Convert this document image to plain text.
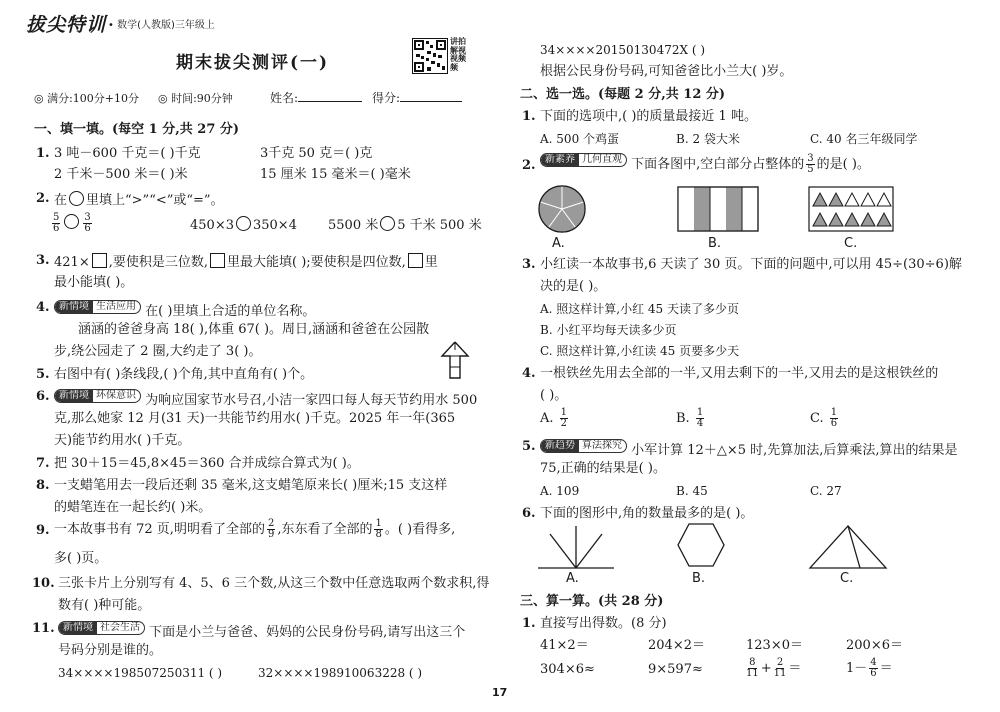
拔尖特训 • 数学(人教版)三年级上
期末拔尖测评(一)
讲拍
解视
视频
频
◎ 满分:100分+10分 ◎ 时间:90分钟	姓名:	得分:
一、填一填。(每空 1 分,共 27 分)
1. 3 吨－600 千克＝( )千克	3千克 50 克＝( )克
2 千米－500 米＝( )米	15 厘米 15 毫米＝( )毫米
2. 在 里填上“>”“<”或“=”。
$\frac{5}{6} \frac{3}{6}$	450×3 350×4 5500 米 5 千米 500 米
3. 421× ,要使积是三位数, 里最大能填( );要使积是四位数, 里
最小能填( )。
4. 新情境 生活应用 在( )里填上合适的单位名称。
涵涵的爸爸身高 18( ),体重 67( )。周日,涵涵和爸爸在公园散
步,绕公园走了 2 圈,大约走了 3( )。
5. 右图中有( )条线段,( )个角,其中直角有( )个。
6. 新情境 环保意识 为响应国家节水号召,小洁一家四口每人每天节约用水 500
克,那么她家 12 月(31 天)一共能节约用水( )千克。2025 年一年(365
天)能节约用水( )千克。
7. 把 30＋15＝45,8×45＝360 合并成综合算式为( )。
8. 一支蜡笔用去一段后还剩 35 毫米,这支蜡笔原来长( )厘米;15 支这样
的蜡笔连在一起长约( )米。
9. 一本故事书有 72 页,明明看了全部的 $\frac{2}{9}$ ,东东看了全部的 $\frac{1}{8}$ 。( )看得多,
多( )页。
10. 三张卡片上分别写有 4、5、6 三个数,从这三个数中任意选取两个数求积,得
数有( )种可能。
11. 新情境 社会生活 下面是小兰与爸爸、妈妈的公民身份号码,请写出这三个
号码分别是谁的。
34××××198507250311 ( )	32××××198910063228 ( )
34××××20150130472X ( )
根据公民身份号码,可知爸爸比小兰大( )岁。
二、选一选。(每题 2 分,共 12 分)
1. 下面的选项中,( )的质量最接近 1 吨。
A. 500 个鸡蛋	B. 2 袋大米	C. 40 名三年级同学
2. 新素养 几何直观 下面各图中,空白部分占整体的 $\frac{3}{5}$ 的是( )。
A.	B.	C.
3. 小红读一本故事书,6 天读了 30 页。下面的问题中,可以用 45÷(30÷6)解
决的是( )。
A. 照这样计算,小红 45 天读了多少页
B. 小红平均每天读多少页
C. 照这样计算,小红读 45 页要多少天
4. 一根铁丝先用去全部的一半,又用去剩下的一半,又用去的是这根铁丝的
( )。
A. $\frac{1}{2}$	B. $\frac{1}{4}$	C. $\frac{1}{6}$
5. 新趋势 算法探究 小军计算 12＋△×5 时,先算加法,后算乘法,算出的结果是
75,正确的结果是( )。
A. 109	B. 45	C. 27
6. 下面的图形中,角的数量最多的是( )。
A.	B.	C.
三、算一算。(共 28 分)
1. 直接写出得数。(8 分)
41×2＝	204×2＝	123×0＝	200×6＝
304×6≈	9×597≈	$\frac{8}{11} + \frac{2}{11}$ ＝	$1- \frac{4}{6}$ ＝
17
